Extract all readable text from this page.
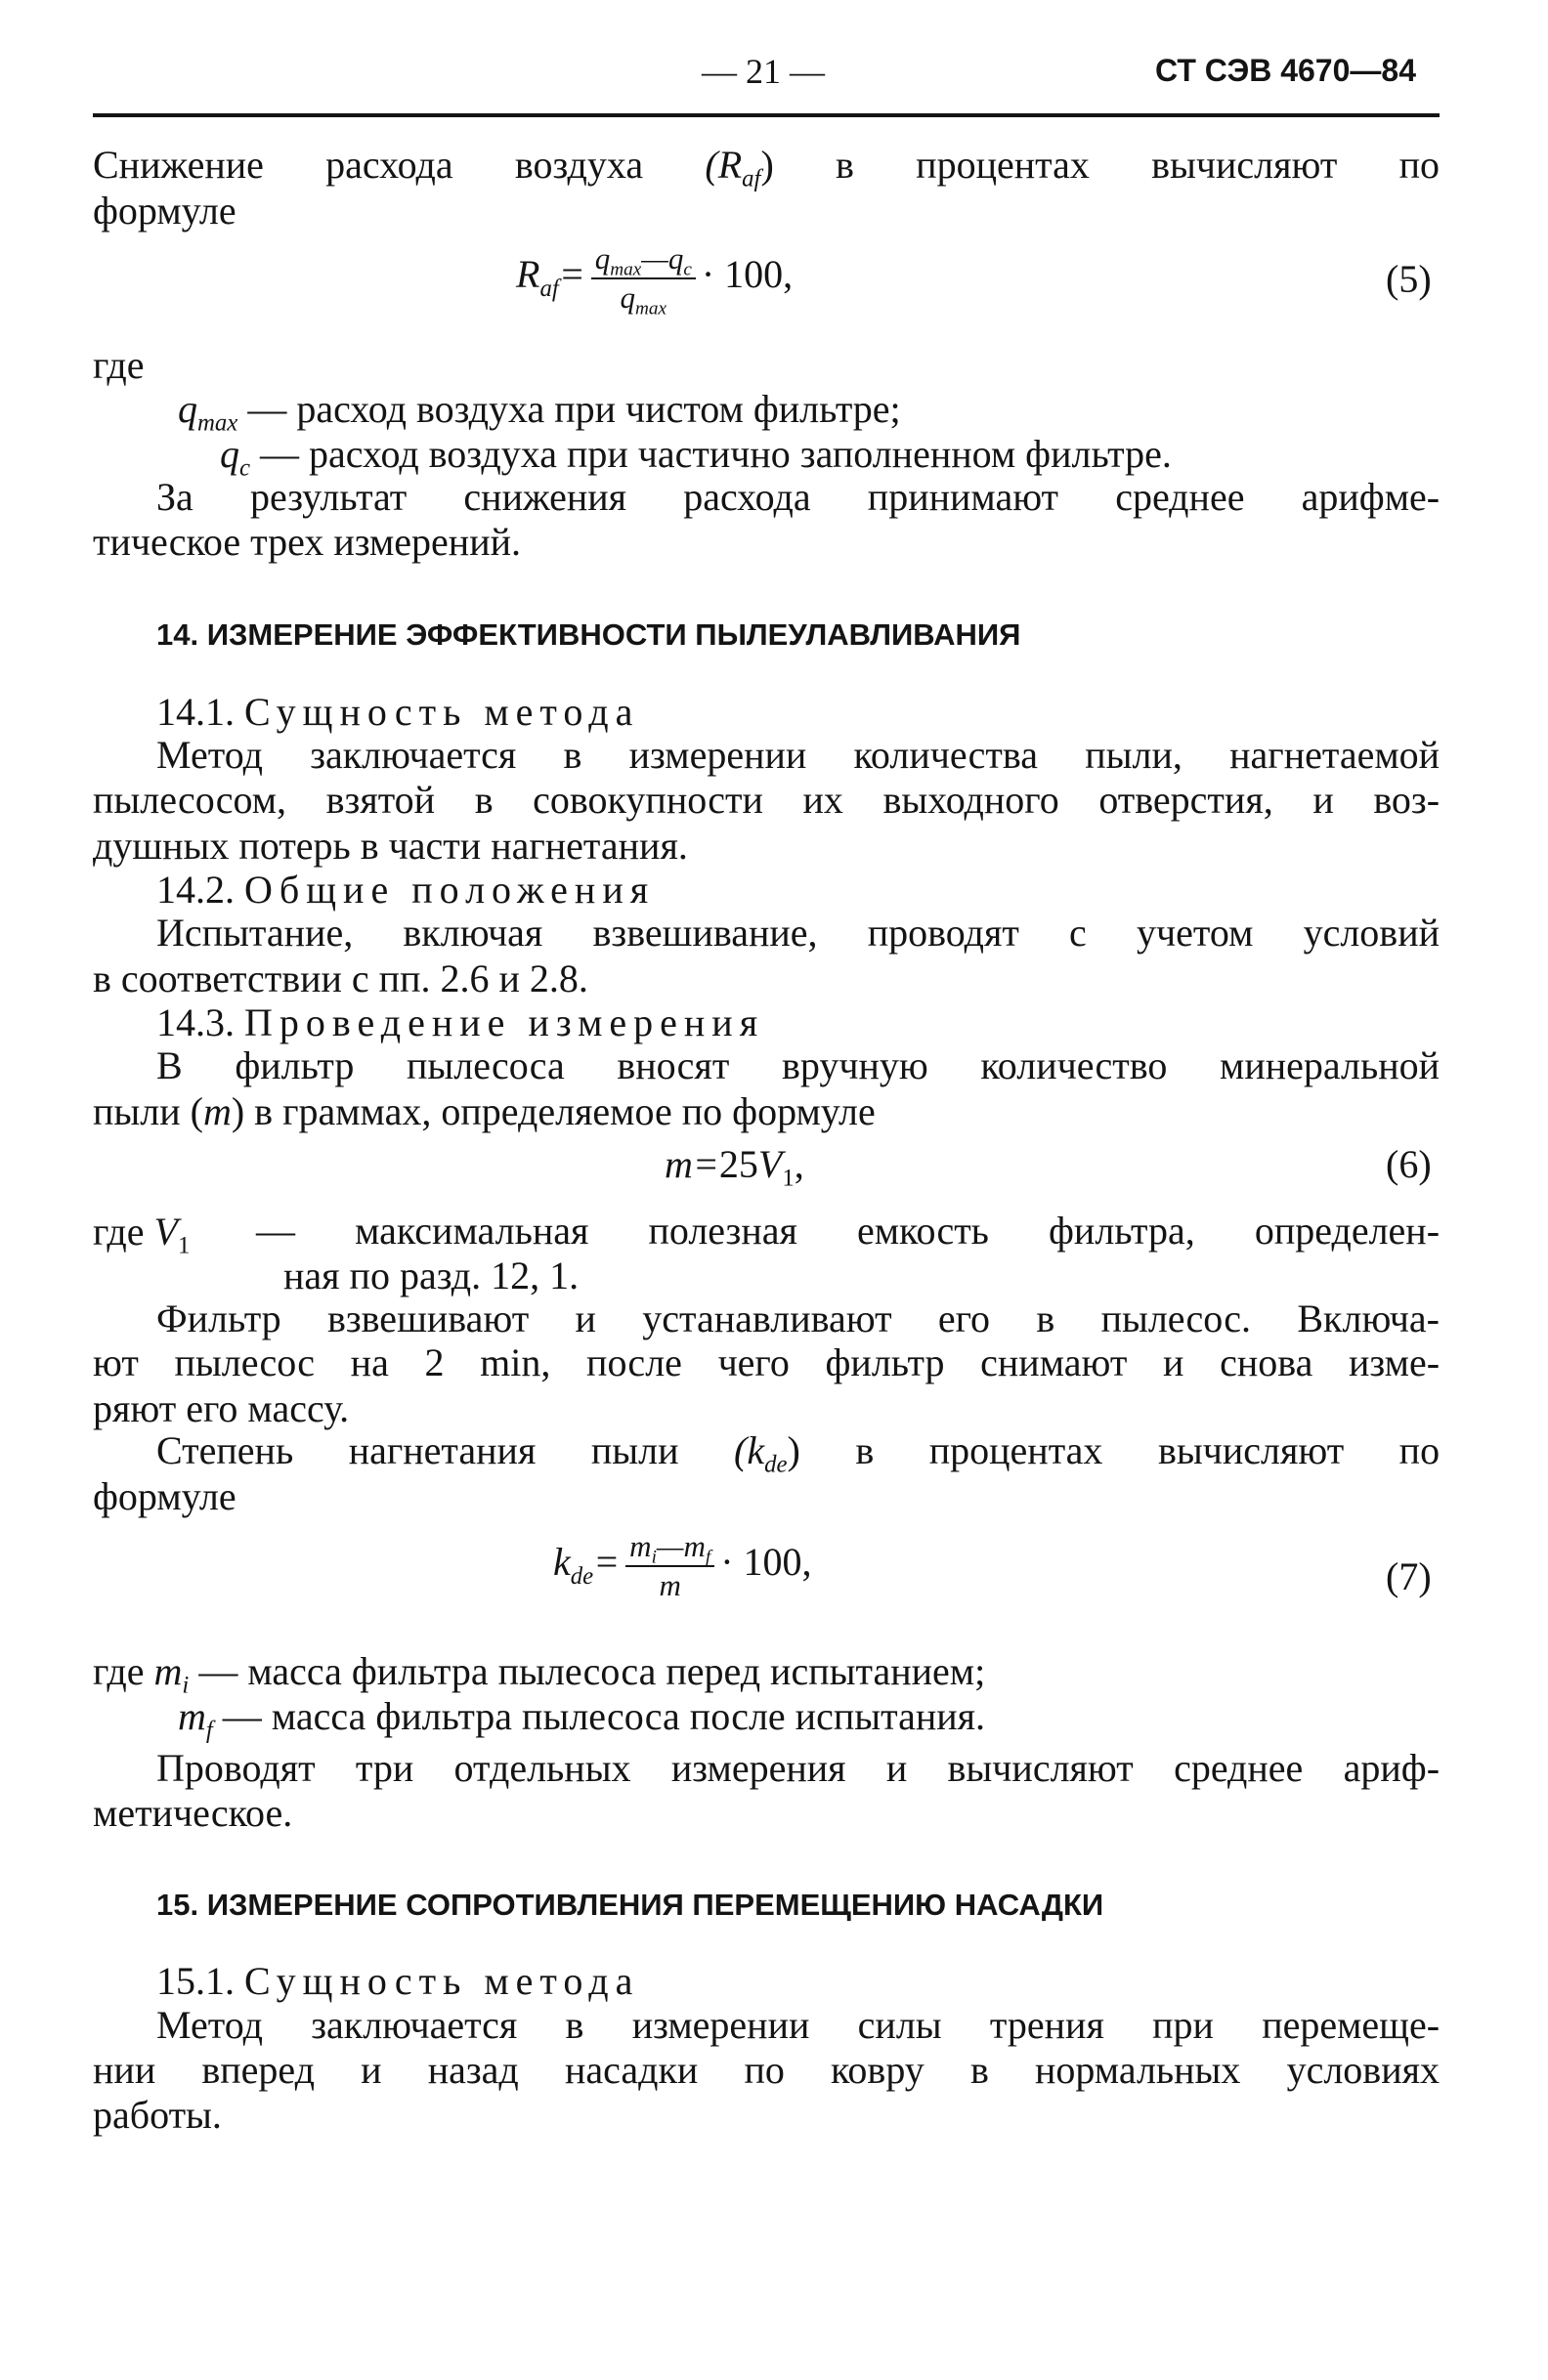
— 21 —	СТ СЭВ 4670—84
Снижение расхода воздуха $(R_{af})$ в процентах вычисляют по
формуле
$R_{af}= \frac{q_{max}—q_c}{q_{max}} \cdot 100$,	(5)
где
$q_{max}$ — расход воздуха при чистом фильтре;
$q_c$ — расход воздуха при частично заполненном фильтре.
За результат снижения расхода принимают среднее арифме-
тическое трех измерений.
14. ИЗМЕРЕНИЕ ЭФФЕКТИВНОСТИ ПЫЛЕУЛАВЛИВАНИЯ
14.1. Сущность метода
Метод заключается в измерении количества пыли, нагнетаемой
пылесосом, взятой в совокупности их выходного отверстия, и воз-
душных потерь в части нагнетания.
14.2. Общие положения
Испытание, включая взвешивание, проводят с учетом условий
в соответствии с пп. 2.6 и 2.8.
14.3. Проведение измерения
В фильтр пылесоса вносят вручную количество минеральной
пыли (m) в граммах, определяемое по формуле
$m=25V_1$,	(6)
где $V_1$ — максимальная полезная емкость фильтра, определен-
ная по разд. 12, 1.
Фильтр взвешивают и устанавливают его в пылесос. Включа-
ют пылесос на 2 min, после чего фильтр снимают и снова изме-
ряют его массу.
Степень нагнетания пыли $(k_{de})$ в процентах вычисляют по
формуле
$k_{de}= \frac{m_i—m_f}{m} \cdot 100$,	(7)
где $m_i$ — масса фильтра пылесоса перед испытанием;
$m_f$ — масса фильтра пылесоса после испытания.
Проводят три отдельных измерения и вычисляют среднее ариф-
метическое.
15. ИЗМЕРЕНИЕ СОПРОТИВЛЕНИЯ ПЕРЕМЕЩЕНИЮ НАСАДКИ
15.1. Сущность метода
Метод заключается в измерении силы трения при перемеще-
нии вперед и назад насадки по ковру в нормальных условиях
работы.
